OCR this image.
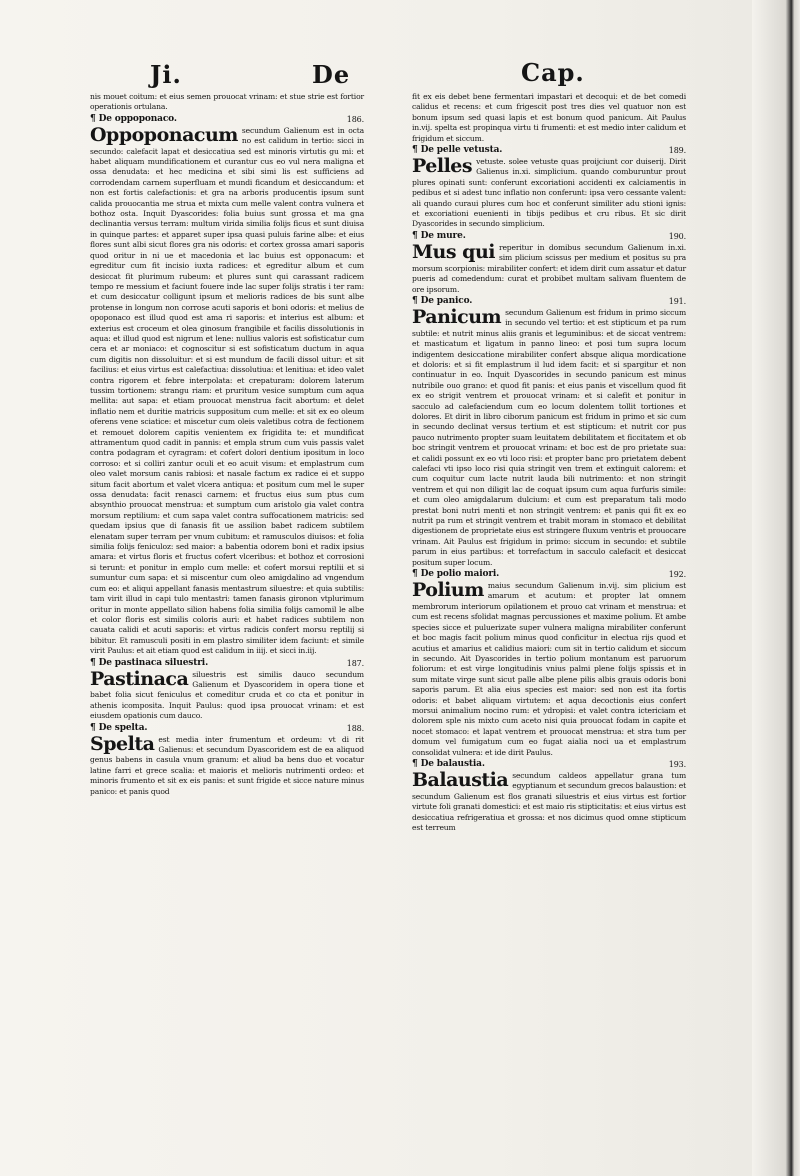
Ji.	De	Cap.

nis mouet coitum: et eius semen prouocat vrinam: et stue strie est fortior operationis ortulana.

¶ De oppoponaco.	186.

Oppoponacum secundum Galienum est in octa no est calidum in tertio: sicci in secundo: calefacit lapat et desiccatiua sed est minoris virtutis gu mi: et habet aliquam mundificationem et curantur cus eo vul nera maligna et ossa denudata: et hec medicina et sibi simi lis est sufficiens ad corrodendam carnem superfluam et mundi ficandum et desiccandum: et non est fortis calefactionis: et gra na arboris producentis ipsum sunt calida prouocantia me strua et mixta cum melle valent contra vulnera et bothoz osta. Inquit Dyascorides: folia buius sunt grossa et ma gna declinantia versus terram: multum virida similia folijs ficus et sunt diuisa in quinque partes: et apparet super ipsa quasi puluis farine albe: et eius flores sunt albi sicut flores gra nis odoris: et cortex grossa amari saporis quod oritur in ni ue et macedonia et lac buius est opponacum: et egreditur cum fit incisio iuxta radices: et egreditur album et cum desiccat fit plurimum rubeum: et plures sunt qui carassant radicem tempo re messium et faciunt fouere inde lac super folijs stratis i ter ram: et cum desiccatur colligunt ipsum et melioris radices de bis sunt albe protense in longum non corrose acuti saporis et boni odoris: et melius de opoponaco est illud quod est ama ri saporis: et interius est album: et exterius est croceum et olea ginosum frangibile et facilis dissolutionis in aqua: et illud quod est nigrum et lene: nullius valoris est sofisticatur cum cera et ar moniaco: et cognoscitur si est sofisticatum ductum in aqua cum digitis non dissoluitur: et si est mundum de facili dissol uitur: et sit facilius: et eius virtus est calefactiua: dissolutiua: et lenitiua: et ideo valet contra rigorem et febre interpolata: et crepaturam: dolorem laterum tussim tortionem: strangu riam: et pruritum vesice sumptum cum aqua mellita: aut sapa: et etiam prouocat menstrua facit abortum: et delet inflatio nem et duritie matricis suppositum cum melle: et sit ex eo oleum oferens vene sciatice: et miscetur cum oleis valetibus cotra de fectionem et remouet dolorem capitis venientem ex frigidita te: et mundificat attramentum quod cadit in pannis: et empla strum cum vuis passis valet contra podagram et cyragram: et cofert dolori dentium ipositum in loco corroso: et si colliri zantur oculi et eo acuit visum: et emplastrum cum oleo valet morsum canis rabiosi: et nasale factum ex radice ei et suppo situm facit abortum et valet vlcera antiqua: et positum cum mel le super ossa denudata: facit renasci carnem: et fructus eius sum ptus cum absynthio prouocat menstrua: et sumptum cum aristolo gia valet contra morsum reptilium: et cum sapa valet contra suffocationem matricis: sed quedam ipsius que di fanasis fit ue assilion babet radicem subtilem elenatam super terram per vnum cubitum: et ramusculos diuisos: et folia similia folijs feniculoz: sed maior: a babentia odorem boni et radix ipsius amara: et virtus floris et fructus cofert vlceribus: et bothoz et corrosioni si terunt: et ponitur in emplo cum melle: et cofert morsui reptilii et si sumuntur cum sapa: et si miscentur cum oleo amigdalino ad vngendum cum eo: et aliqui appellant fanasis mentastrum siluestre: et quia subtilis: tam virit illud in capi tulo mentastri: tamen fanasis gironon vtplurimum oritur in monte appellato silion habens folia similia folijs camomil le albe et color floris est similis coloris auri: et habet radices subtilem non cauata calidi et acuti saporis: et virtus radicis confert morsu reptilij si bibitur. Et ramusculi positi in em plastro similiter idem faciunt: et simile virit Paulus: et ait etiam quod est calidum in iiij. et sicci in.iij.

¶ De pastinaca siluestri.	187.

Pastinaca siluestris est similis dauco secundum Galienum et Dyascoridem in opera tione et babet folia sicut feniculus et comeditur cruda et co cta et ponitur in athenis icomposita. Inquit Paulus: quod ipsa prouocat vrinam: et est eiusdem opationis cum dauco.

¶ De spelta.	188.

Spelta est media inter frumentum et ordeum: vt di rit Galienus: et secundum Dyascoridem est de ea aliquod genus babens in casula vnum granum: et aliud ba bens duo et vocatur latine farri et grece scalia: et maioris et melioris nutrimenti ordeo: et minoris frumento et sit ex eis panis: et sunt frigide et sicce nature minus panico: et panis quod

fit ex eis debet bene fermentari impastari et decoqui: et de bet comedi calidus et recens: et cum frigescit post tres dies vel quatuor non est bonum ipsum sed quasi lapis et est bonum quod panicum. Ait Paulus in.vij. spelta est propinqua virtu ti frumenti: et est medio inter calidum et frigidum et siccum.

¶ De pelle vetusta.	189.

Pelles vetuste. solee vetuste quas proijciunt cor duiserij. Dirit Galienus in.xi. simplicium. quando comburuntur prout plures opinati sunt: conferunt excoriationi accidenti ex calciamentis in pedibus et si adest tunc inflatio non conferunt: ipsa vero cessante valent: ali quando curaui plures cum hoc et conferunt similiter adu stioni ignis: et excoriationi euenienti in tibijs pedibus et cru ribus. Et sic dirit Dyascorides in secundo simplicium.

¶ De mure.	190.

Mus qui reperitur in domibus secundum Galienum in.xi. sim plicium scissus per medium et positus su pra morsum scorpionis: mirabiliter confert: et idem dirit cum assatur et datur pueris ad comedendum: curat et probibet multam salivam fluentem de ore ipsorum.

¶ De panico.	191.

Panicum secundum Galienum est fridum in primo siccum in secundo vel tertio: et est stipticum et pa rum subtile: et nutrit minus aliis granis et leguminibus: et de siccat ventrem: et masticatum et ligatum in panno lineo: et posi tum supra locum indigentem desiccatione mirabiliter confert absque aliqua mordicatione et doloris: et si fit emplastrum il lud idem facit: et si spargitur et non continuatur in eo. Inquit Dyascorides in secundo panicum est minus nutribile ouo grano: et quod fit panis: et eius panis et viscellum quod fit ex eo strigit ventrem et prouocat vrinam: et si calefit et ponitur in sacculo ad calefaciendum cum eo locum dolentem tollit tortiones et dolores. Et dirit in libro ciborum panicum est fridum in primo et sic cum in secundo declinat versus tertium et est stipticum: et nutrit cor pus pauco nutrimento propter suam leuitatem debilitatem et ficcitatem et ob boc stringit ventrem et prouocat vrinam: et boc est de pro prietate sua: et calidi possunt ex eo vti loco risi: et propter banc pro prietatem debent calefaci vti ipso loco risi quia stringit ven trem et extinguit calorem: et cum coquitur cum lacte nutrit lauda bili nutrimento: et non stringit ventrem et qui non diligit lac de coquat ipsum cum aqua furfuris simile: et cum oleo amigdalarum dulcium: et cum est preparatum tali modo prestat boni nutri menti et non stringit ventrem: et panis qui fit ex eo nutrit pa rum et stringit ventrem et trabit moram in stomaco et debilitat digestionem de proprietate eius est stringere fluxum ventris et prouocare vrinam. Ait Paulus est frigidum in primo: siccum in secundo: et subtile parum in eius partibus: et torrefactum in sacculo calefacit et desiccat positum super locum.

¶ De polio maiori.	192.

Polium maius secundum Galienum in.vij. sim plicium est amarum et acutum: et propter lat omnem membrorum interiorum opilationem et prouo cat vrinam et menstrua: et cum est recens sfolidat magnas percussiones et maxime polium. Et ambe species sicce et puluerizate super vulnera maligna mirabiliter conferunt et boc magis facit polium minus quod conficitur in electua rijs quod et acutius et amarius et calidius maiori: cum sit in tertio calidum et siccum in secundo. Ait Dyascorides in tertio polium montanum est paruorum foliorum: et est virge longitudinis vnius palmi plene folijs spissis et in sum mitate virge sunt sicut palle albe plene pilis albis grauis odoris boni saporis parum. Et alia eius species est maior: sed non est ita fortis odoris: et babet aliquam virtutem: et aqua decoctionis eius confert morsui animalium nocino rum: et ydropisi: et valet contra ictericiam et dolorem sple nis mixto cum aceto nisi quia prouocat fodam in capite et nocet stomaco: et lapat ventrem et prouocat menstrua: et stra tum per domum vel fumigatum cum eo fugat aialia noci ua et emplastrum consolidat vulnera: et ide dirit Paulus.

¶ De balaustia.	193.

Balaustia secundum caldeos appellatur grana tum egyptianum et secundum grecos balaustion: et secundum Galienum est flos granati siluestris et eius virtus est fortior virtute foli granati domestici: et est maio ris stipticitatis: et eius virtus est desiccatiua refrigeratiua et grossa: et nos dicimus quod omne stipticum est terreum
